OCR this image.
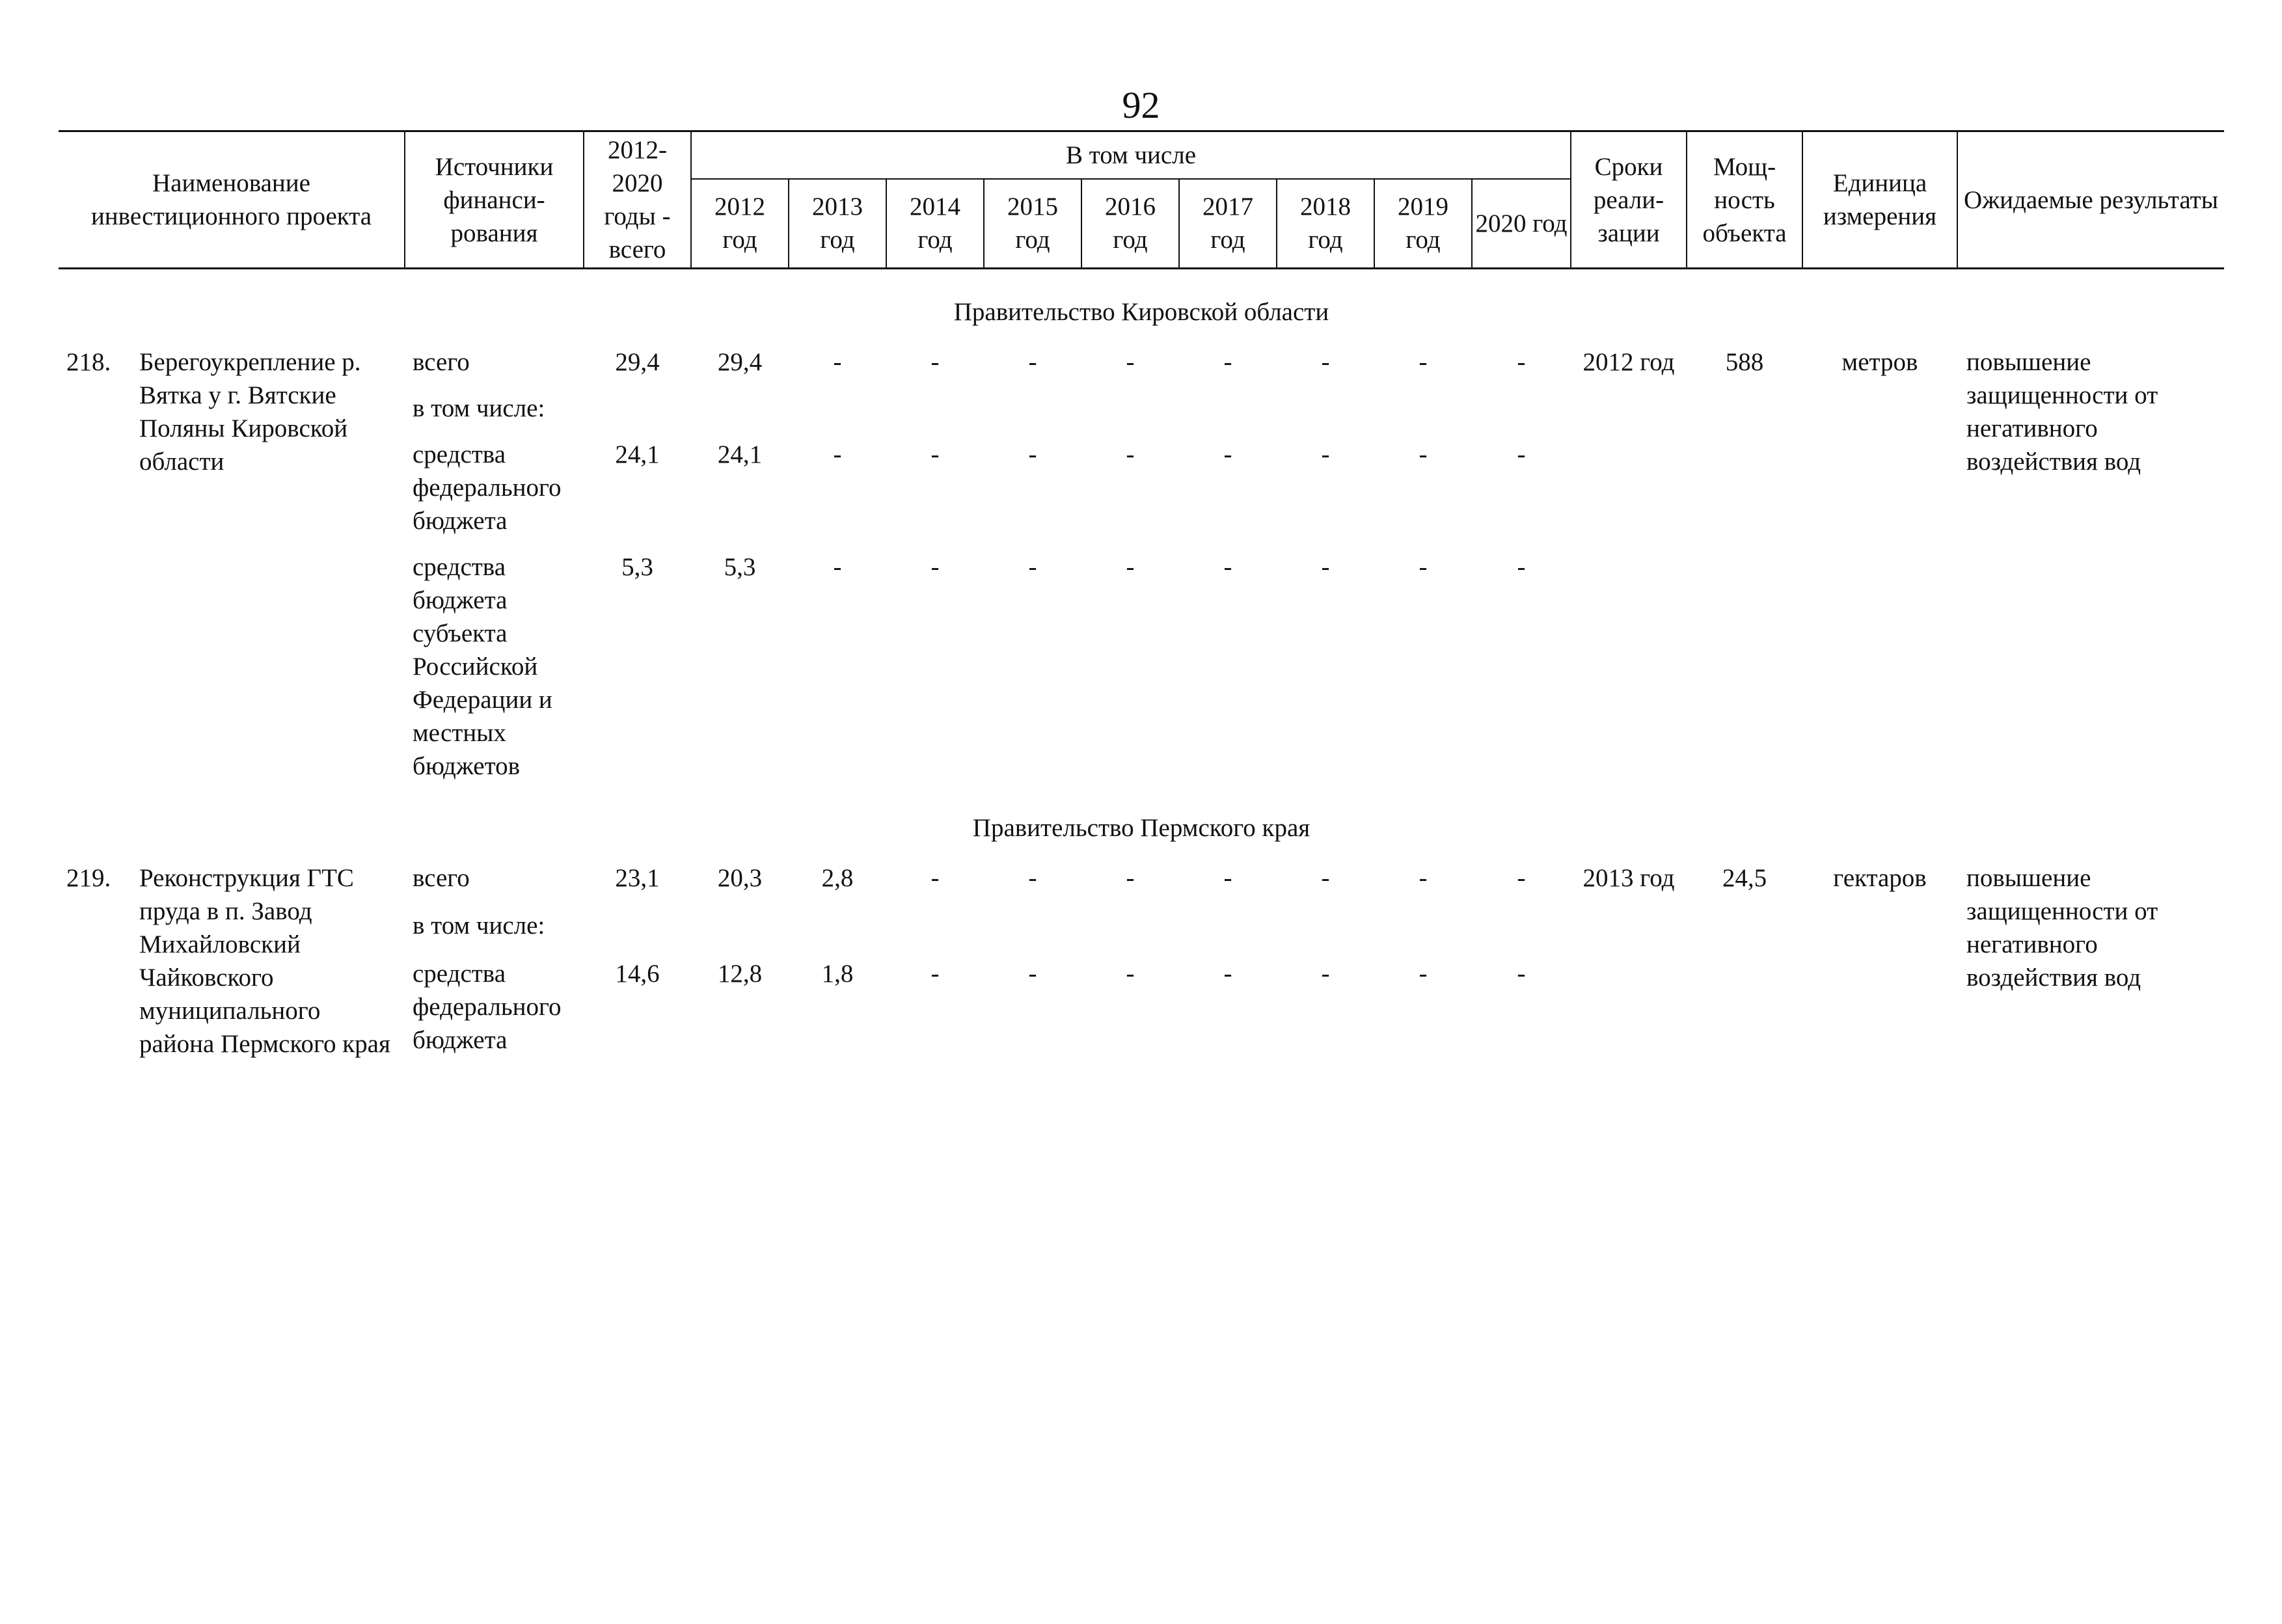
92
Наименование инвестиционного проекта	Источники финанси-рования	2012-2020 годы - всего	В том числе									Сроки реали-зации	Мощ-ность объекта	Единица измерения	Ожидаемые результаты
			2012 год	2013 год	2014 год	2015 год	2016 год	2017 год	2018 год	2019 год	2020 год				
Правительство Кировской области															

218. Берегоукрепление р. Вятка у г. Вятские Поляны Кировской области	всего	29,4	29,4	-	-	-	-	-	-	-	-	2012 год	588	метров	повышение защищенности от негативного воздействия вод
	в том числе:														
	средства федерального бюджета	24,1	24,1	-	-	-	-	-	-	-	-				
	средства бюджета субъекта Российской Федерации и местных бюджетов	5,3	5,3	-	-	-	-	-	-	-	-				
Правительство Пермского края															

219. Реконструкция ГТС пруда в п. Завод Михайловский Чайковского муниципального района Пермского края	всего	23,1	20,3	2,8	-	-	-	-	-	-	-	2013 год	24,5	гектаров	повышение защищенности от негативного воздействия вод
	в том числе:														
	средства федерального бюджета	14,6	12,8	1,8	-	-	-	-	-	-	-				
